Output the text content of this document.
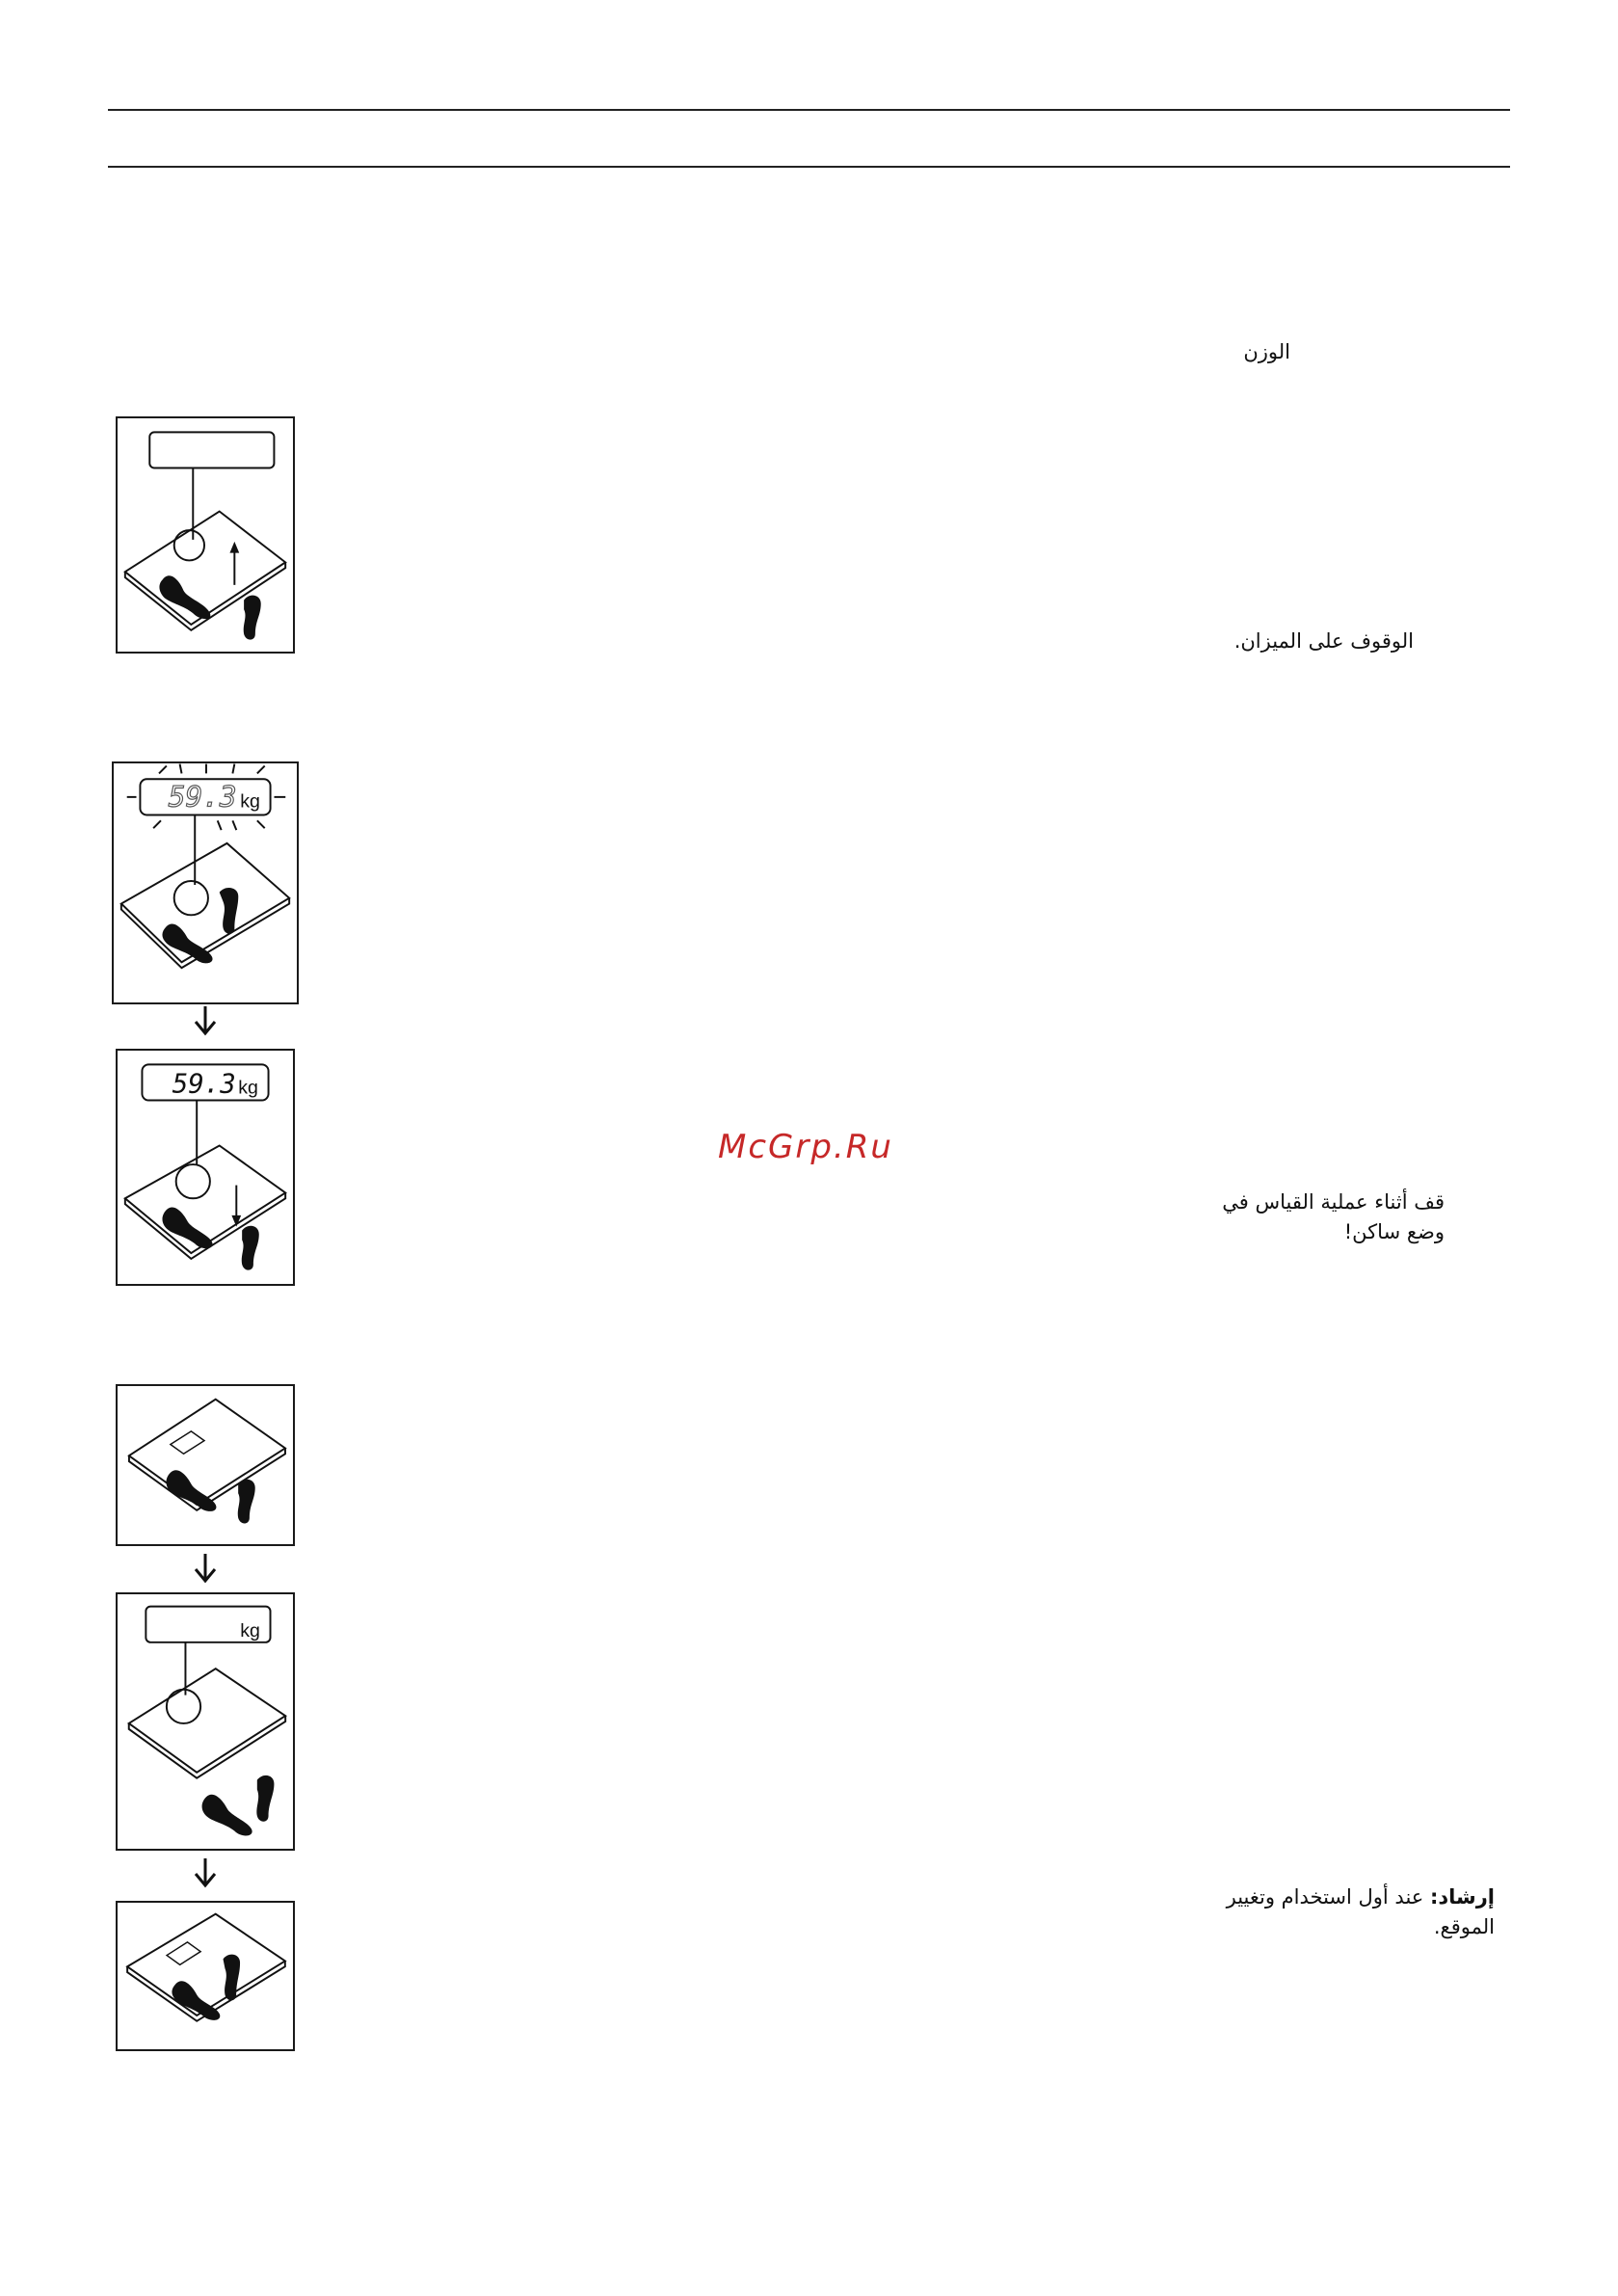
الوزن
الوقوف على الميزان.
قف أثناء عملية القياس في
وضع ساكن!
إرشاد: عند أول استخدام وتغيير
الموقع.
McGrp.Ru
59.3 kg
59.3 kg
kg
